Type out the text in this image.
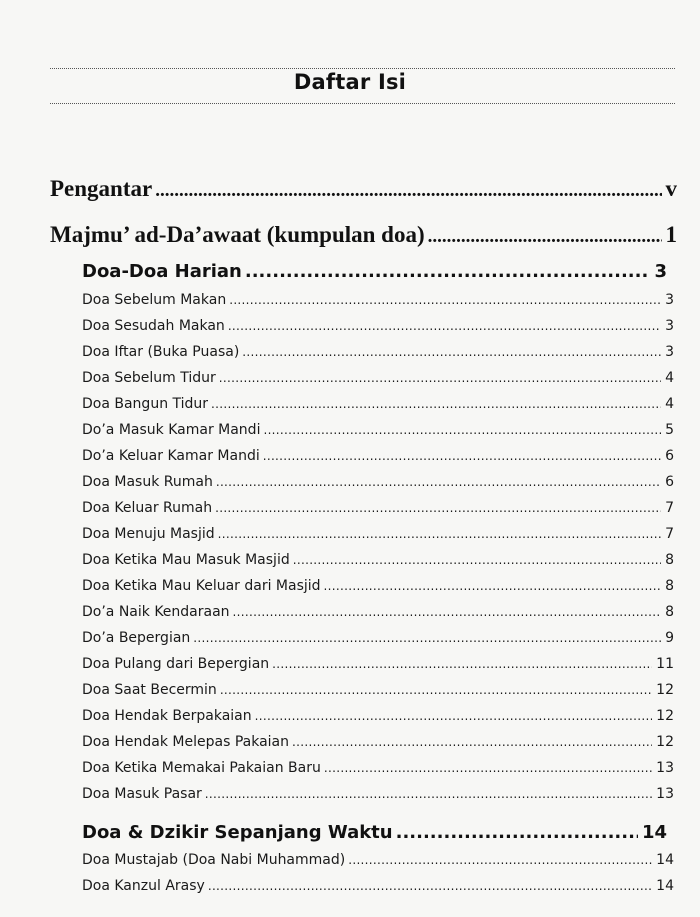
Daftar Isi
Pengantar .....	v
Majmu’ ad-Da’awaat (kumpulan doa) .....	1
Doa-Doa Harian .....	3
Doa Sebelum Makan .....	3
Doa Sesudah Makan .....	3
Doa Iftar (Buka Puasa) .....	3
Doa Sebelum Tidur .....	4
Doa Bangun Tidur .....	4
Do’a Masuk Kamar Mandi .....	5
Do’a Keluar Kamar Mandi .....	6
Doa Masuk Rumah .....	6
Doa Keluar Rumah .....	7
Doa Menuju Masjid .....	7
Doa Ketika Mau Masuk Masjid .....	8
Doa Ketika Mau Keluar dari Masjid .....	8
Do’a Naik Kendaraan .....	8
Do’a Bepergian .....	9
Doa Pulang dari Bepergian .....	11
Doa Saat Becermin .....	12
Doa Hendak Berpakaian .....	12
Doa Hendak Melepas Pakaian .....	12
Doa Ketika Memakai Pakaian Baru .....	13
Doa Masuk Pasar .....	13
Doa & Dzikir Sepanjang Waktu .....	14
Doa Mustajab (Doa Nabi Muhammad) .....	14
Doa Kanzul Arasy .....	14
